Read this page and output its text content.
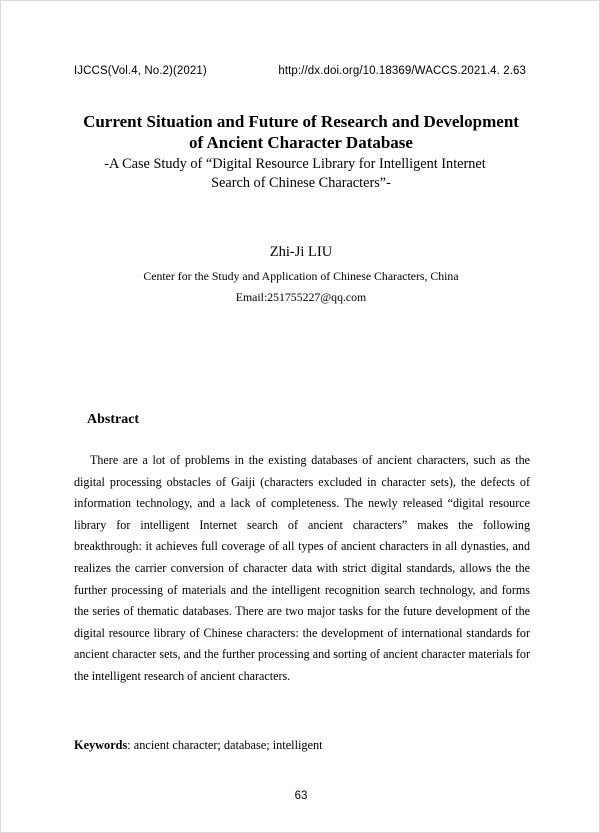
IJCCS(Vol.4, No.2)(2021)	http://dx.doi.org/10.18369/WACCS.2021.4. 2.63
Current Situation and Future of Research and Development
of Ancient Character Database
-A Case Study of “Digital Resource Library for Intelligent Internet
Search of Chinese Characters”-
Zhi-Ji LIU
Center for the Study and Application of Chinese Characters, China
Email:251755227@qq.com
Abstract

There are a lot of problems in the existing databases of ancient characters, such as the digital processing obstacles of Gaiji (characters excluded in character sets), the defects of information technology, and a lack of completeness. The newly released “digital resource library for intelligent Internet search of ancient characters” makes the following breakthrough: it achieves full coverage of all types of ancient characters in all dynasties, and realizes the carrier conversion of character data with strict digital standards, allows the the further processing of materials and the intelligent recognition search technology, and forms the series of thematic databases. There are two major tasks for the future development of the digital resource library of Chinese characters: the development of international standards for ancient character sets, and the further processing and sorting of ancient character materials for the intelligent research of ancient characters.

Keywords: ancient character; database; intelligent
63
